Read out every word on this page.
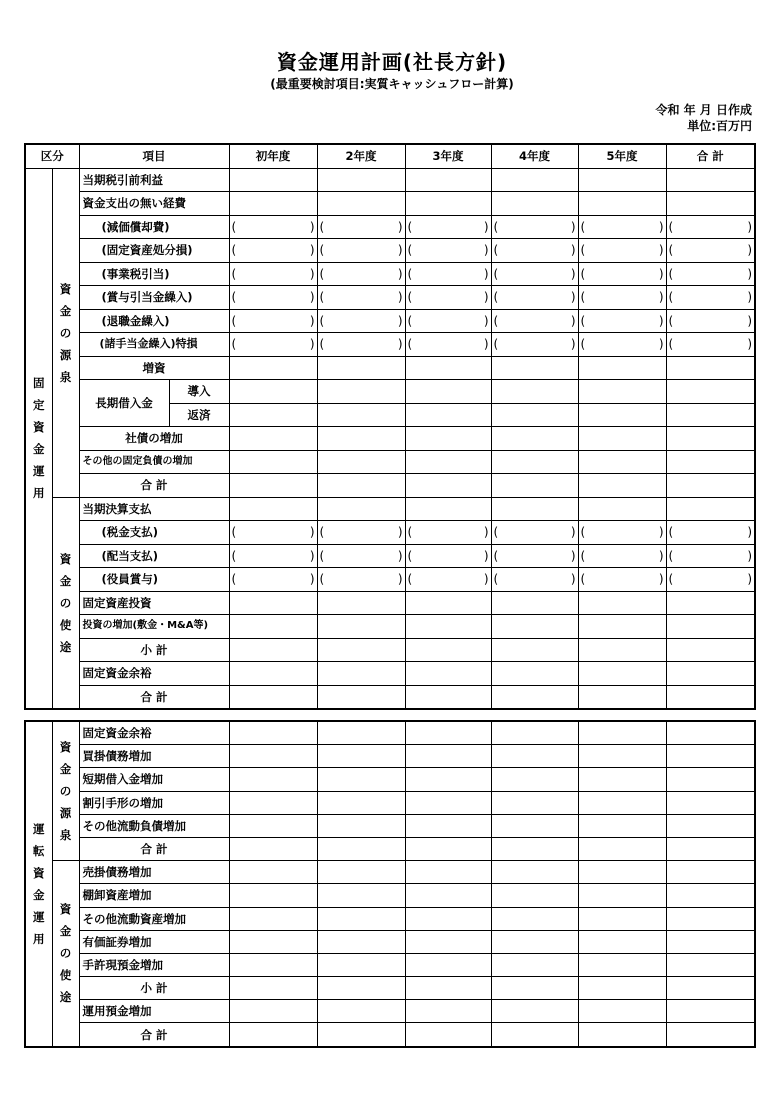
資金運用計画(社長方針)
(最重要検討項目:実質キャッシュフロー計算)
令和 年 月 日作成
単位:百万円
区分		項目		初年度	2年度	3年度	4年度	5年度	合 計

固定資金運用	資金の源泉	当期税引前利益							
		資金支出の無い経費							
		(減価償却費)		( )	( )	( )	( )	( )	( )

		(固定資産処分損)		( )	( )	( )	( )	( )	( )

		(事業税引当)		( )	( )	( )	( )	( )	( )

		(賞与引当金繰入)		( )	( )	( )	( )	( )	( )

		(退職金繰入)		( )	( )	( )	( )	( )	( )

		(諸手当金繰入)特損		( )	( )	( )	( )	( )	( )

		増資							
		長期借入金	導入						
			返済						
		社債の増加							
		その他の固定負債の増加							
		合 計							

	資金の使途	当期決算支払							
		(税金支払)		( )	( )	( )	( )	( )	( )

		(配当支払)		( )	( )	( )	( )	( )	( )

		(役員賞与)		( )	( )	( )	( )	( )	( )

		固定資産投資							
		投資の増加(敷金・M&A等)							
		小 計							
		固定資金余裕							
		合 計							
運転資金運用	資金の源泉	固定資金余裕						
		買掛債務増加						
		短期借入金増加						
		割引手形の増加						
		その他流動負債増加						
		合 計						

	資金の使途	売掛債務増加						
		棚卸資産増加						
		その他流動資産増加						
		有価証券増加						
		手許現預金増加						
		小 計						
		運用預金増加						
		合 計						
